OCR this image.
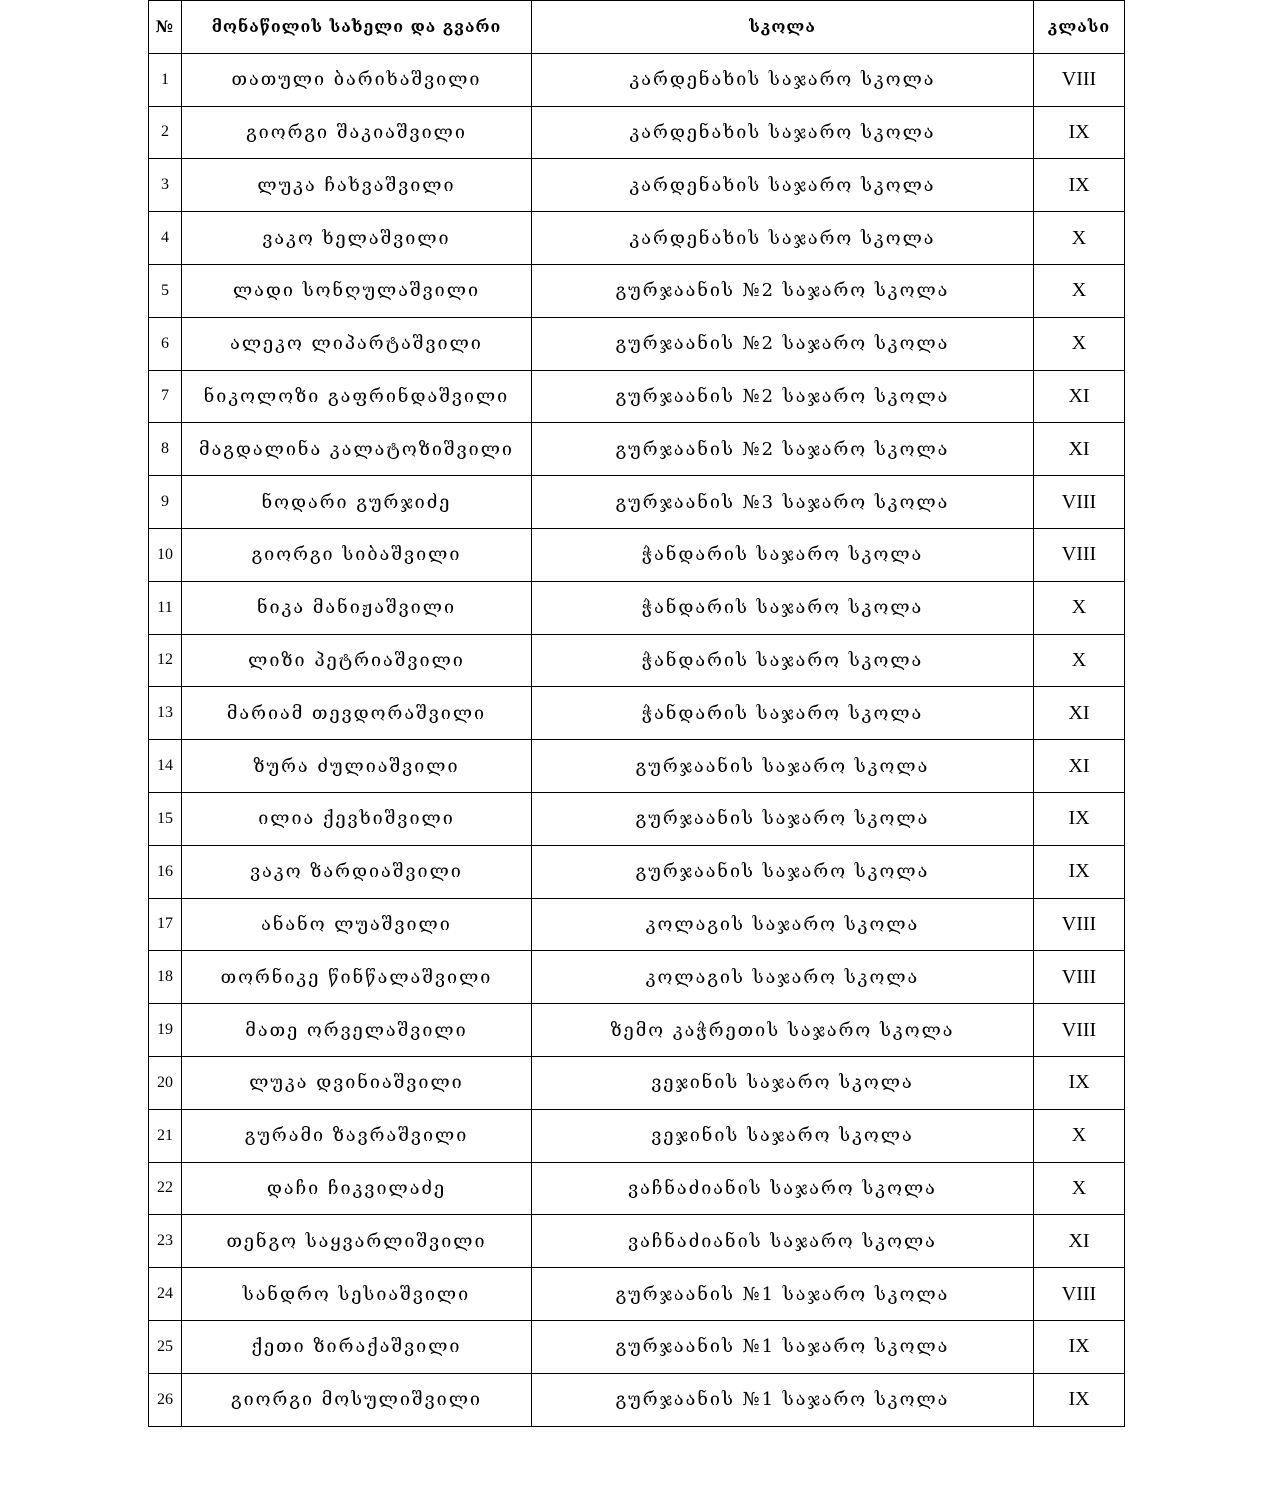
№	მონაწილის სახელი და გვარი	სკოლა	კლასი
1	თათული ბარიხაშვილი	კარდენახის საჯარო სკოლა	VIII
2	გიორგი შაკიაშვილი	კარდენახის საჯარო სკოლა	IX
3	ლუკა ჩახვაშვილი	კარდენახის საჯარო სკოლა	IX
4	ვაკო ხელაშვილი	კარდენახის საჯარო სკოლა	X
5	ლადი სონღულაშვილი	გურჯაანის №2 საჯარო სკოლა	X
6	ალეკო ლიპარტაშვილი	გურჯაანის №2 საჯარო სკოლა	X
7	ნიკოლოზი გაფრინდაშვილი	გურჯაანის №2 საჯარო სკოლა	XI
8	მაგდალინა კალატოზიშვილი	გურჯაანის №2 საჯარო სკოლა	XI
9	ნოდარი გურჯიძე	გურჯაანის №3 საჯარო სკოლა	VIII
10	გიორგი სიბაშვილი	ჭანდარის საჯარო სკოლა	VIII
11	ნიკა მანიჟაშვილი	ჭანდარის საჯარო სკოლა	X
12	ლიზი პეტრიაშვილი	ჭანდარის საჯარო სკოლა	X
13	მარიამ თევდორაშვილი	ჭანდარის საჯარო სკოლა	XI
14	ზურა ძულიაშვილი	გურჯაანის საჯარო სკოლა	XI
15	ილია ქევხიშვილი	გურჯაანის საჯარო სკოლა	IX
16	ვაკო ზარდიაშვილი	გურჯაანის საჯარო სკოლა	IX
17	ანანო ლუაშვილი	კოლაგის საჯარო სკოლა	VIII
18	თორნიკე წინწალაშვილი	კოლაგის საჯარო სკოლა	VIII
19	მათე ორველაშვილი	ზემო კაჭრეთის საჯარო სკოლა	VIII
20	ლუკა დვინიაშვილი	ვეჯინის საჯარო სკოლა	IX
21	გურამი ზავრაშვილი	ვეჯინის საჯარო სკოლა	X
22	დაჩი ჩიკვილაძე	ვაჩნაძიანის საჯარო სკოლა	X
23	თენგო საყვარლიშვილი	ვაჩნაძიანის საჯარო სკოლა	XI
24	სანდრო სესიაშვილი	გურჯაანის №1 საჯარო სკოლა	VIII
25	ქეთი ზირაქაშვილი	გურჯაანის №1 საჯარო სკოლა	IX
26	გიორგი მოსულიშვილი	გურჯაანის №1 საჯარო სკოლა	IX
